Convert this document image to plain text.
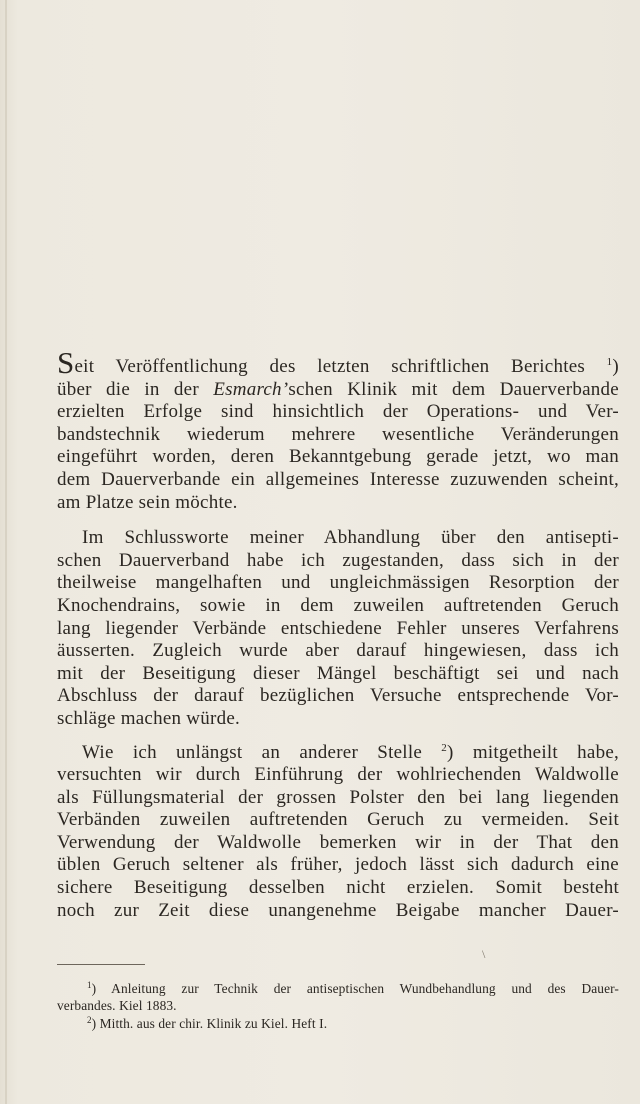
Seit Veröffentlichung des letzten schriftlichen Berichtes $^1$)
über die in der Esmarch’schen Klinik mit dem Dauerverbande
erzielten Erfolge sind hinsichtlich der Operations- und Ver-
bandstechnik wiederum mehrere wesentliche Veränderungen
eingeführt worden, deren Bekanntgebung gerade jetzt, wo man
dem Dauerverbande ein allgemeines Interesse zuzuwenden scheint,
am Platze sein möchte.

Im Schlussworte meiner Abhandlung über den antisepti-
schen Dauerverband habe ich zugestanden, dass sich in der
theilweise mangelhaften und ungleichmässigen Resorption der
Knochendrains, sowie in dem zuweilen auftretenden Geruch
lang liegender Verbände entschiedene Fehler unseres Verfahrens
äusserten. Zugleich wurde aber darauf hingewiesen, dass ich
mit der Beseitigung dieser Mängel beschäftigt sei und nach
Abschluss der darauf bezüglichen Versuche entsprechende Vor-
schläge machen würde.

Wie ich unlängst an anderer Stelle $^2$) mitgetheilt habe,
versuchten wir durch Einführung der wohlriechenden Waldwolle
als Füllungsmaterial der grossen Polster den bei lang liegenden
Verbänden zuweilen auftretenden Geruch zu vermeiden. Seit
Verwendung der Waldwolle bemerken wir in der That den
üblen Geruch seltener als früher, jedoch lässt sich dadurch eine
sichere Beseitigung desselben nicht erzielen. Somit besteht
noch zur Zeit diese unangenehme Beigabe mancher Dauer-

\
$^1$) Anleitung zur Technik der antiseptischen Wundbehandlung und des Dauer-
verbandes. Kiel 1883.
$^2$) Mitth. aus der chir. Klinik zu Kiel. Heft I.
